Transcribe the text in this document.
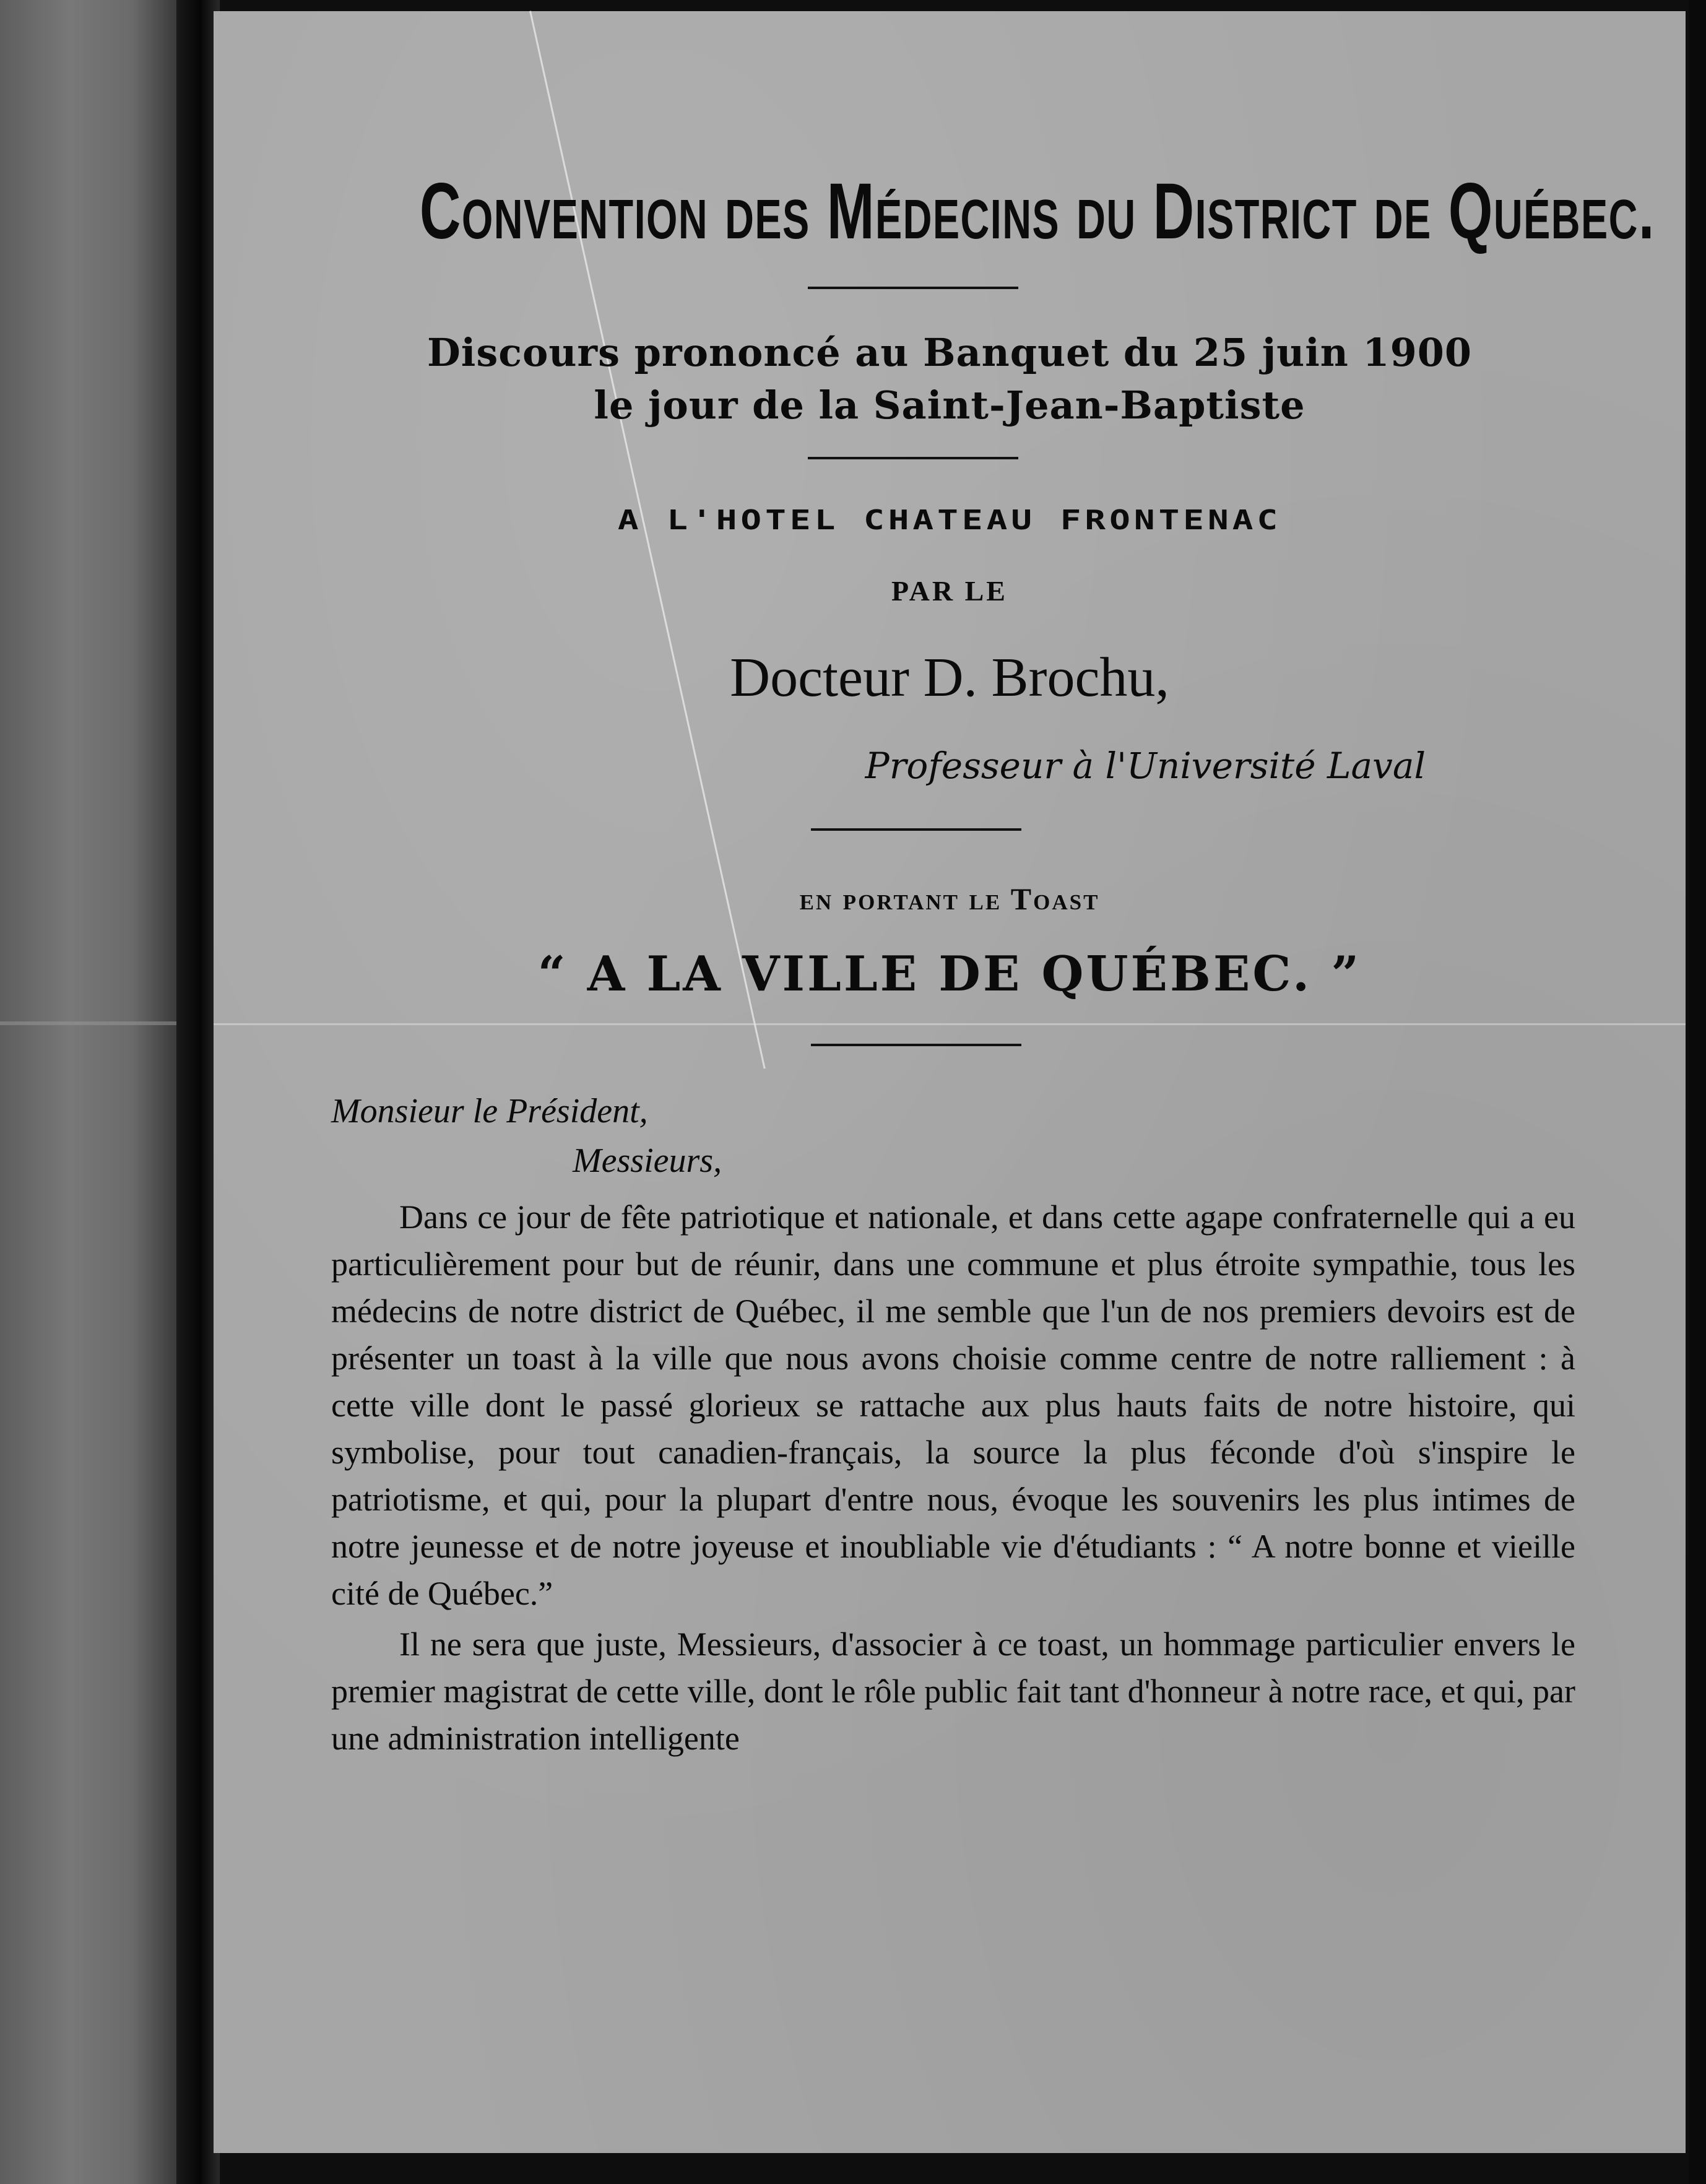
Convention des Médecins du District de Québec.
Discours prononcé au Banquet du 25 juin 1900
le jour de la Saint-Jean-Baptiste
A L'HOTEL CHATEAU FRONTENAC
PAR LE
Docteur D. Brochu,
Professeur à l'Université Laval
en portant le Toast
“ A LA VILLE DE QUÉBEC. ”
Monsieur le Président,
Messieurs,

Dans ce jour de fête patriotique et nationale, et dans cette agape confraternelle qui a eu particulièrement pour but de réunir, dans une commune et plus étroite sympathie, tous les médecins de notre district de Québec, il me semble que l'un de nos premiers devoirs est de présenter un toast à la ville que nous avons choisie comme centre de notre ralliement : à cette ville dont le passé glorieux se rattache aux plus hauts faits de notre histoire, qui symbolise, pour tout canadien-français, la source la plus féconde d'où s'inspire le patriotisme, et qui, pour la plupart d'entre nous, évoque les souvenirs les plus intimes de notre jeunesse et de notre joyeuse et inoubliable vie d'étudiants : “ A notre bonne et vieille cité de Québec.”

Il ne sera que juste, Messieurs, d'associer à ce toast, un hommage particulier envers le premier magistrat de cette ville, dont le rôle public fait tant d'honneur à notre race, et qui, par une administration intelligente
